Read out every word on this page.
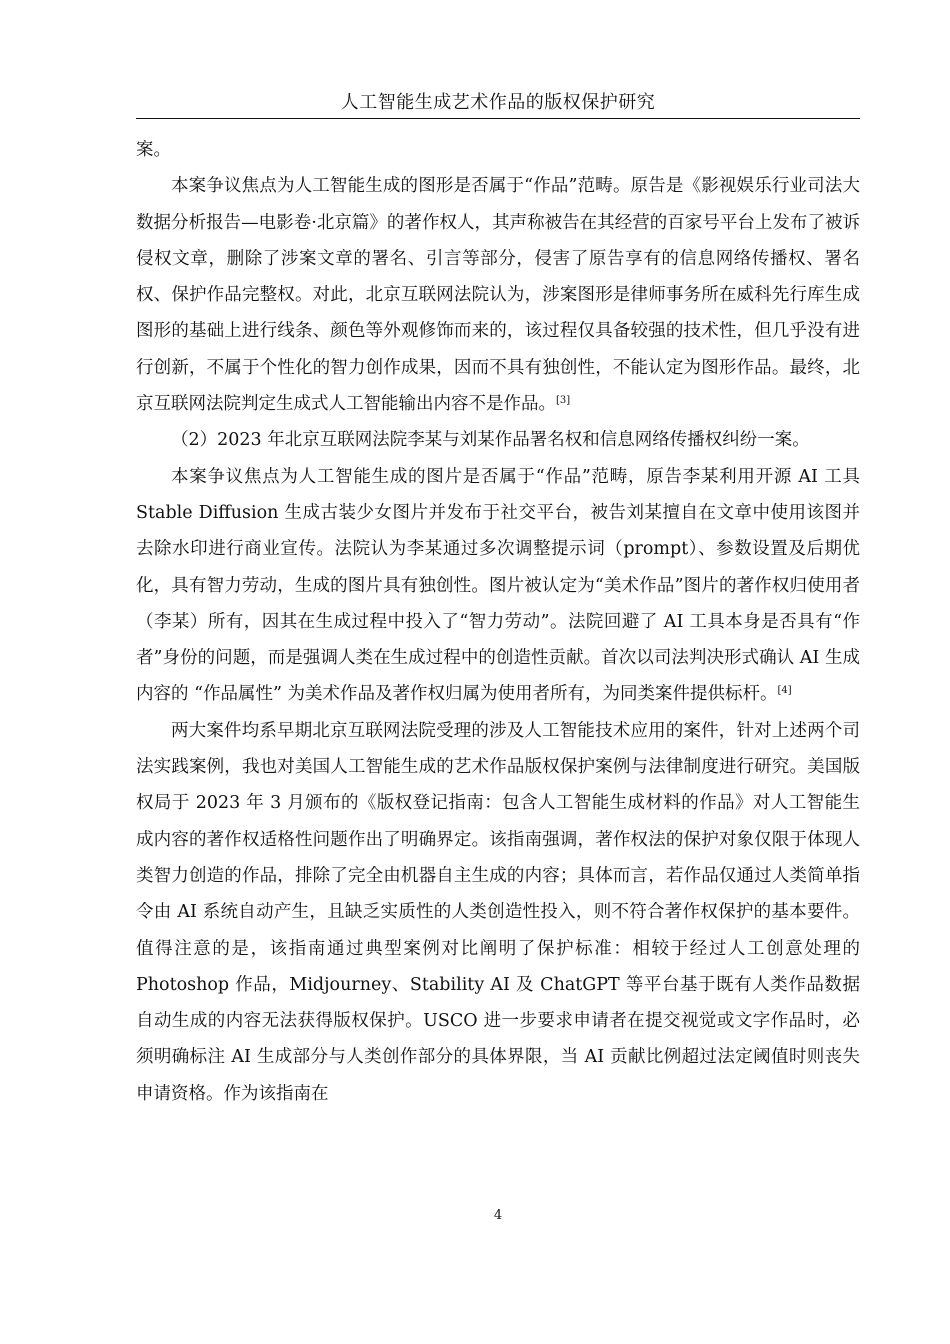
人工智能生成艺术作品的版权保护研究

案。

本案争议焦点为人工智能生成的图形是否属于“作品”范畴。原告是《影视娱乐行业司法大数据分析报告—电影卷·北京篇》的著作权人，其声称被告在其经营的百家号平台上发布了被诉侵权文章，删除了涉案文章的署名、引言等部分，侵害了原告享有的信息网络传播权、署名权、保护作品完整权。对此，北京互联网法院认为，涉案图形是律师事务所在威科先行库生成图形的基础上进行线条、颜色等外观修饰而来的，该过程仅具备较强的技术性，但几乎没有进行创新，不属于个性化的智力创作成果，因而不具有独创性，不能认定为图形作品。最终，北京互联网法院判定生成式人工智能输出内容不是作品。[3]

（2）2023 年北京互联网法院李某与刘某作品署名权和信息网络传播权纠纷一案。

本案争议焦点为人工智能生成的图片是否属于“作品”范畴，原告李某利用开源 AI 工具 Stable Diffusion 生成古装少女图片并发布于社交平台，被告刘某擅自在文章中使用该图并去除水印进行商业宣传。法院认为李某通过多次调整提示词（prompt）、参数设置及后期优化，具有智力劳动，生成的图片具有独创性。图片被认定为“美术作品”图片的著作权归使用者（李某）所有，因其在生成过程中投入了“智力劳动”。法院回避了 AI 工具本身是否具有“作者”身份的问题，而是强调人类在生成过程中的创造性贡献。首次以司法判决形式确认 AI 生成内容的 “作品属性” 为美术作品及著作权归属为使用者所有，为同类案件提供标杆。[4]

两大案件均系早期北京互联网法院受理的涉及人工智能技术应用的案件，针对上述两个司法实践案例，我也对美国人工智能生成的艺术作品版权保护案例与法律制度进行研究。美国版权局于 2023 年 3 月颁布的《版权登记指南：包含人工智能生成材料的作品》对人工智能生成内容的著作权适格性问题作出了明确界定。该指南强调，著作权法的保护对象仅限于体现人类智力创造的作品，排除了完全由机器自主生成的内容；具体而言，若作品仅通过人类简单指令由 AI 系统自动产生，且缺乏实质性的人类创造性投入，则不符合著作权保护的基本要件。值得注意的是，该指南通过典型案例对比阐明了保护标准：相较于经过人工创意处理的 Photoshop 作品，Midjourney、Stability AI 及 ChatGPT 等平台基于既有人类作品数据自动生成的内容无法获得版权保护。USCO 进一步要求申请者在提交视觉或文字作品时，必须明确标注 AI 生成部分与人类创作部分的具体界限，当 AI 贡献比例超过法定阈值时则丧失申请资格。作为该指南在

4
